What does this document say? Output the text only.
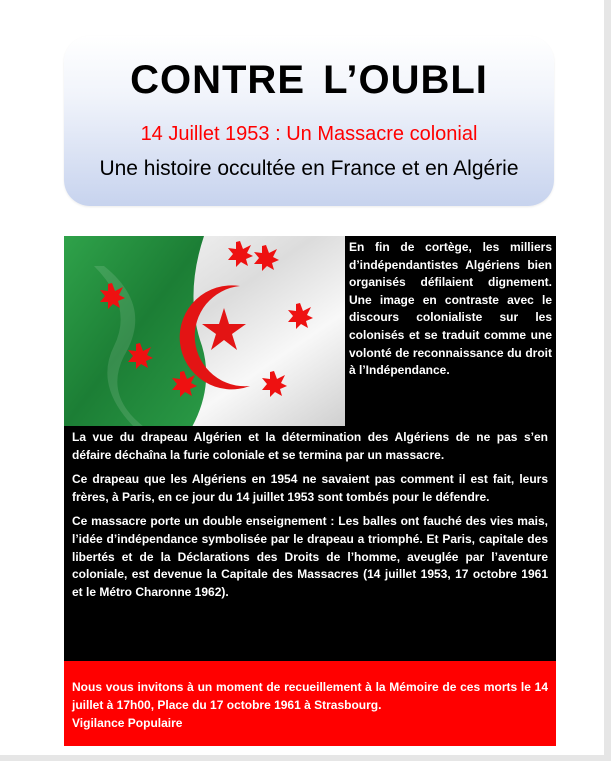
CONTRE L’OUBLI

14 Juillet 1953 : Un Massacre colonial

Une histoire occultée en France et en Algérie

En fin de cortège, les milliers d’indépendantistes Algériens bien organisés défilaient dignement. Une image en contraste avec le discours colonialiste sur les colonisés et se traduit comme une volonté de reconnaissance du droit à l’Indépendance.

La vue du drapeau Algérien et la détermination des Algériens de ne pas s’en défaire déchaîna la furie coloniale et se termina par un massacre.

Ce drapeau que les Algériens en 1954 ne savaient pas comment il est fait, leurs frères, à Paris, en ce jour du 14 juillet 1953 sont tombés pour le défendre.

Ce massacre porte un double enseignement : Les balles ont fauché des vies mais, l’idée d’indépendance symbolisée par le drapeau a triomphé. Et Paris, capitale des libertés et de la Déclarations des Droits de l’homme, aveuglée par l’aventure coloniale, est devenue la Capitale des Massacres (14 juillet 1953, 17 octobre 1961 et le Métro Charonne 1962).

Nous vous invitons à un moment de recueillement à la Mémoire de ces morts le 14 juillet à 17h00, Place du 17 octobre 1961 à Strasbourg.

Vigilance Populaire
